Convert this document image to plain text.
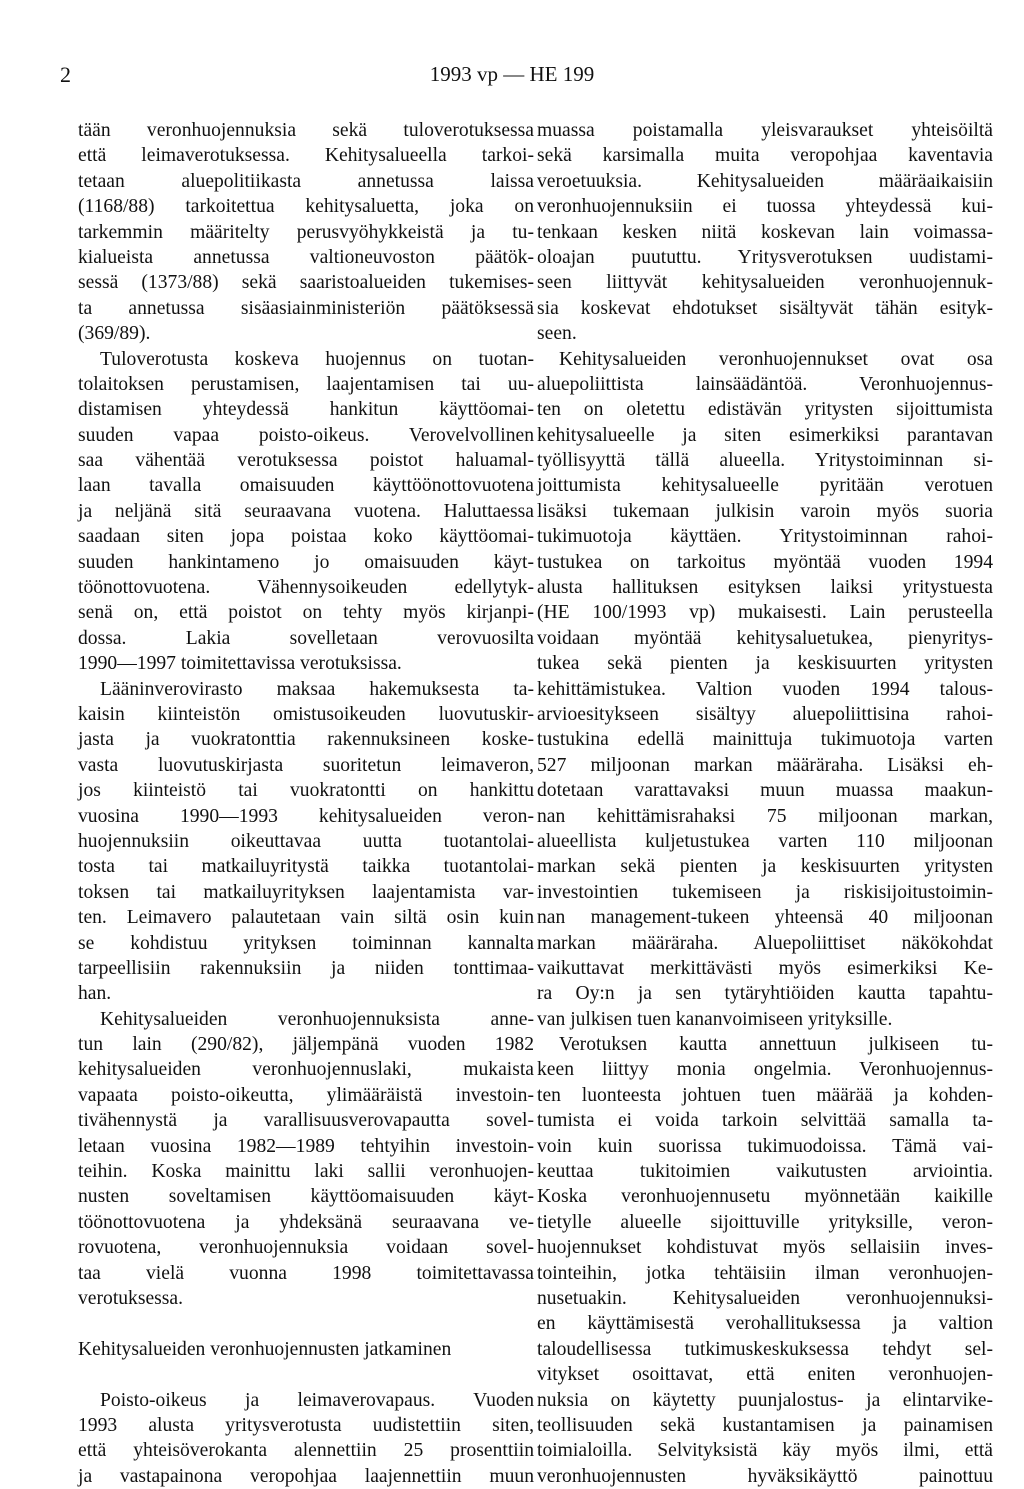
2	1993 vp — HE 199
tään veronhuojennuksia sekä tuloverotuksessa
että leimaverotuksessa. Kehitysalueella tarkoi-
tetaan aluepolitiikasta annetussa laissa
(1168/88) tarkoitettua kehitysaluetta, joka on
tarkemmin määritelty perusvyöhykkeistä ja tu-
kialueista annetussa valtioneuvoston päätök-
sessä (1373/88) sekä saaristoalueiden tukemises-
ta annetussa sisäasiainministeriön päätöksessä
(369/89).
Tuloverotusta koskeva huojennus on tuotan-
tolaitoksen perustamisen, laajentamisen tai uu-
distamisen yhteydessä hankitun käyttöomai-
suuden vapaa poisto-oikeus. Verovelvollinen
saa vähentää verotuksessa poistot haluamal-
laan tavalla omaisuuden käyttöönottovuotena
ja neljänä sitä seuraavana vuotena. Haluttaessa
saadaan siten jopa poistaa koko käyttöomai-
suuden hankintameno jo omaisuuden käyt-
töönottovuotena. Vähennysoikeuden edellytyk-
senä on, että poistot on tehty myös kirjanpi-
dossa. Lakia sovelletaan verovuosilta
1990—1997 toimitettavissa verotuksissa.
Lääninverovirasto maksaa hakemuksesta ta-
kaisin kiinteistön omistusoikeuden luovutuskir-
jasta ja vuokratonttia rakennuksineen koske-
vasta luovutuskirjasta suoritetun leimaveron,
jos kiinteistö tai vuokratontti on hankittu
vuosina 1990—1993 kehitysalueiden veron-
huojennuksiin oikeuttavaa uutta tuotantolai-
tosta tai matkailuyritystä taikka tuotantolai-
toksen tai matkailuyrityksen laajentamista var-
ten. Leimavero palautetaan vain siltä osin kuin
se kohdistuu yrityksen toiminnan kannalta
tarpeellisiin rakennuksiin ja niiden tonttimaa-
han.
Kehitysalueiden veronhuojennuksista anne-
tun lain (290/82), jäljempänä vuoden 1982
kehitysalueiden veronhuojennuslaki, mukaista
vapaata poisto-oikeutta, ylimääräistä investoin-
tivähennystä ja varallisuusverovapautta sovel-
letaan vuosina 1982—1989 tehtyihin investoin-
teihin. Koska mainittu laki sallii veronhuojen-
nusten soveltamisen käyttöomaisuuden käyt-
töönottovuotena ja yhdeksänä seuraavana ve-
rovuotena, veronhuojennuksia voidaan sovel-
taa vielä vuonna 1998 toimitettavassa
verotuksessa.
Kehitysalueiden veronhuojennusten jatkaminen
Poisto-oikeus ja leimaverovapaus. Vuoden
1993 alusta yritysverotusta uudistettiin siten,
että yhteisöverokanta alennettiin 25 prosenttiin
ja vastapainona veropohjaa laajennettiin muun
muassa poistamalla yleisvaraukset yhteisöiltä
sekä karsimalla muita veropohjaa kaventavia
veroetuuksia. Kehitysalueiden määräaikaisiin
veronhuojennuksiin ei tuossa yhteydessä kui-
tenkaan kesken niitä koskevan lain voimassa-
oloajan puututtu. Yritysverotuksen uudistami-
seen liittyvät kehitysalueiden veronhuojennuk-
sia koskevat ehdotukset sisältyvät tähän esityk-
seen.
Kehitysalueiden veronhuojennukset ovat osa
aluepoliittista lainsäädäntöä. Veronhuojennus-
ten on oletettu edistävän yritysten sijoittumista
kehitysalueelle ja siten esimerkiksi parantavan
työllisyyttä tällä alueella. Yritystoiminnan si-
joittumista kehitysalueelle pyritään verotuen
lisäksi tukemaan julkisin varoin myös suoria
tukimuotoja käyttäen. Yritystoiminnan rahoi-
tustukea on tarkoitus myöntää vuoden 1994
alusta hallituksen esityksen laiksi yritystuesta
(HE 100/1993 vp) mukaisesti. Lain perusteella
voidaan myöntää kehitysaluetukea, pienyritys-
tukea sekä pienten ja keskisuurten yritysten
kehittämistukea. Valtion vuoden 1994 talous-
arvioesitykseen sisältyy aluepoliittisina rahoi-
tustukina edellä mainittuja tukimuotoja varten
527 miljoonan markan määräraha. Lisäksi eh-
dotetaan varattavaksi muun muassa maakun-
nan kehittämisrahaksi 75 miljoonan markan,
alueellista kuljetustukea varten 110 miljoonan
markan sekä pienten ja keskisuurten yritysten
investointien tukemiseen ja riskisijoitustoimin-
nan management-tukeen yhteensä 40 miljoonan
markan määräraha. Aluepoliittiset näkökohdat
vaikuttavat merkittävästi myös esimerkiksi Ke-
ra Oy:n ja sen tytäryhtiöiden kautta tapahtu-
van julkisen tuen kananvoimiseen yrityksille.
Verotuksen kautta annettuun julkiseen tu-
keen liittyy monia ongelmia. Veronhuojennus-
ten luonteesta johtuen tuen määrää ja kohden-
tumista ei voida tarkoin selvittää samalla ta-
voin kuin suorissa tukimuodoissa. Tämä vai-
keuttaa tukitoimien vaikutusten arviointia.
Koska veronhuojennusetu myönnetään kaikille
tietylle alueelle sijoittuville yrityksille, veron-
huojennukset kohdistuvat myös sellaisiin inves-
tointeihin, jotka tehtäisiin ilman veronhuojen-
nusetuakin. Kehitysalueiden veronhuojennuksi-
en käyttämisestä verohallituksessa ja valtion
taloudellisessa tutkimuskeskuksessa tehdyt sel-
vitykset osoittavat, että eniten veronhuojen-
nuksia on käytetty puunjalostus- ja elintarvike-
teollisuuden sekä kustantamisen ja painamisen
toimialoilla. Selvityksistä käy myös ilmi, että
veronhuojennusten hyväksikäyttö painottuu
